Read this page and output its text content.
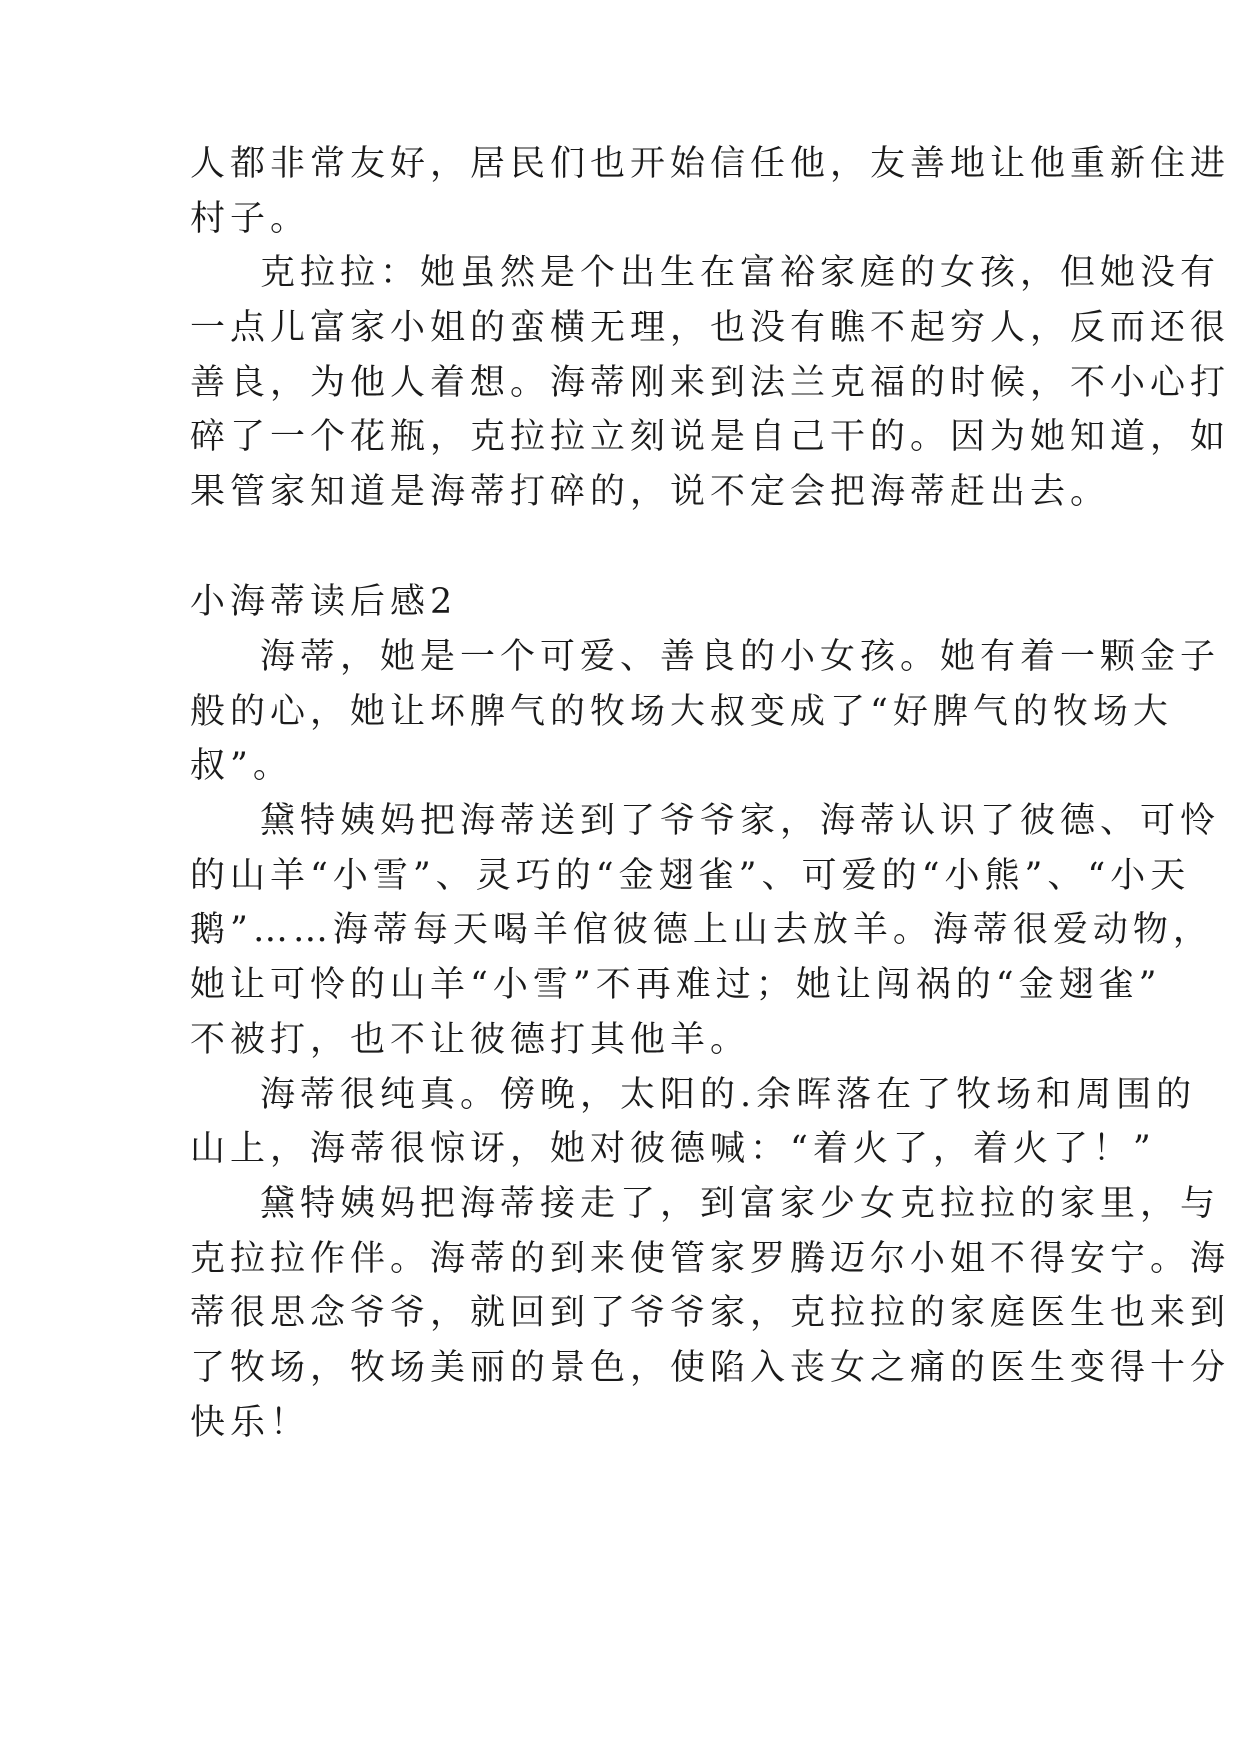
人都非常友好，居民们也开始信任他，友善地让他重新住进
村子。
克拉拉：她虽然是个出生在富裕家庭的女孩，但她没有
一点儿富家小姐的蛮横无理，也没有瞧不起穷人，反而还很
善良，为他人着想。海蒂刚来到法兰克福的时候，不小心打
碎了一个花瓶，克拉拉立刻说是自己干的。因为她知道，如
果管家知道是海蒂打碎的，说不定会把海蒂赶出去。
小海蒂读后感2
海蒂，她是一个可爱、善良的小女孩。她有着一颗金子
般的心，她让坏脾气的牧场大叔变成了“好脾气的牧场大
叔”。
黛特姨妈把海蒂送到了爷爷家，海蒂认识了彼德、可怜
的山羊“小雪”、灵巧的“金翅雀”、可爱的“小熊”、“小天
鹅”……海蒂每天喝羊倌彼德上山去放羊。海蒂很爱动物，
她让可怜的山羊“小雪”不再难过；她让闯祸的“金翅雀”
不被打，也不让彼德打其他羊。
海蒂很纯真。傍晚，太阳的.余晖落在了牧场和周围的
山上，海蒂很惊讶，她对彼德喊：“着火了，着火了！”
黛特姨妈把海蒂接走了，到富家少女克拉拉的家里，与
克拉拉作伴。海蒂的到来使管家罗腾迈尔小姐不得安宁。海
蒂很思念爷爷，就回到了爷爷家，克拉拉的家庭医生也来到
了牧场，牧场美丽的景色，使陷入丧女之痛的医生变得十分
快乐！
